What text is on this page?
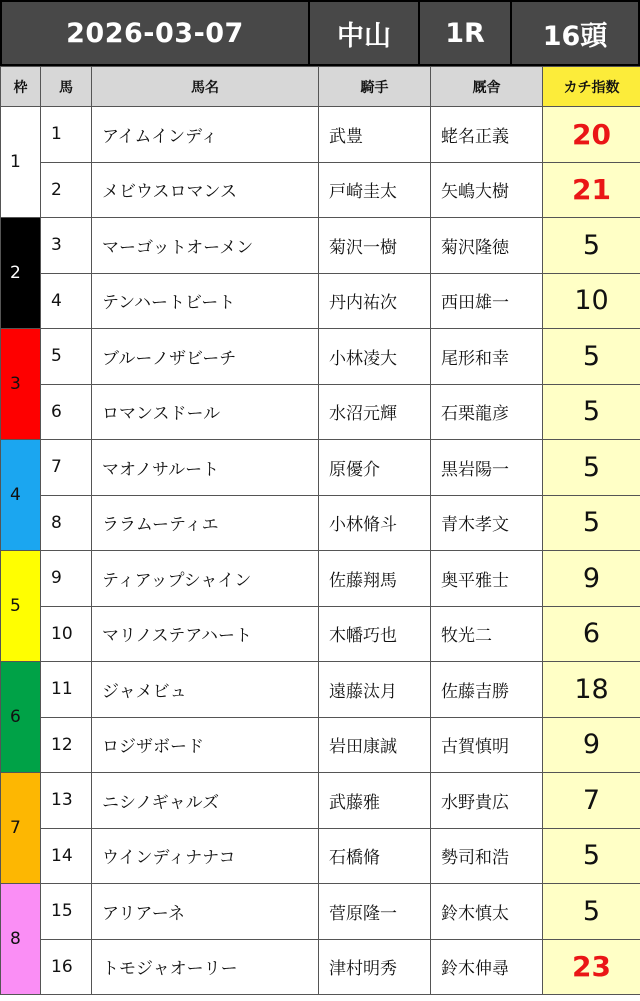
2026-03-07	中山	1R	16頭
枠	馬	馬名	騎手	厩舎	カチ指数
1	1	アイムインディ	武豊	蛯名正義	20
	2	メビウスロマンス	戸崎圭太	矢嶋大樹	21
2	3	マーゴットオーメン	菊沢一樹	菊沢隆徳	5
	4	テンハートビート	丹内祐次	西田雄一	10
3	5	ブルーノザビーチ	小林凌大	尾形和幸	5
	6	ロマンスドール	水沼元輝	石栗龍彦	5
4	7	マオノサルート	原優介	黒岩陽一	5
	8	ララムーティエ	小林脩斗	青木孝文	5
5	9	ティアップシャイン	佐藤翔馬	奥平雅士	9
	10	マリノステアハート	木幡巧也	牧光二	6
6	11	ジャメビュ	遠藤汰月	佐藤吉勝	18
	12	ロジザボード	岩田康誠	古賀慎明	9
7	13	ニシノギャルズ	武藤雅	水野貴広	7
	14	ウインディナナコ	石橋脩	勢司和浩	5
8	15	アリアーネ	菅原隆一	鈴木慎太	5
	16	トモジャオーリー	津村明秀	鈴木伸尋	23
